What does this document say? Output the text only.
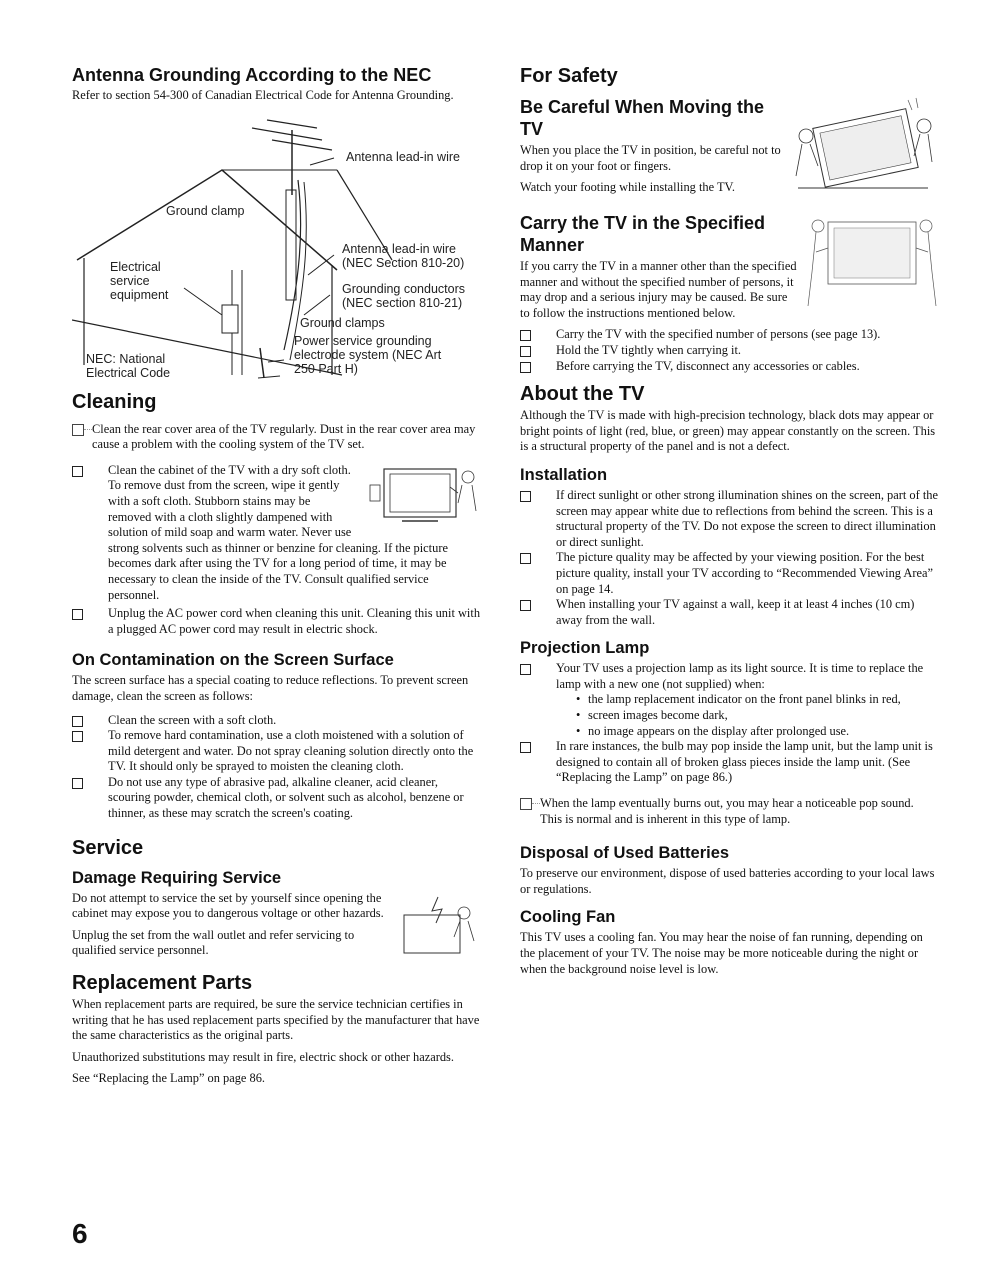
Antenna Grounding According to the NEC

Refer to section 54-300 of Canadian Electrical Code for Antenna Grounding.

Antenna lead-in wire
Ground clamp
Antenna lead-in wire
(NEC Section 810-20)
Electrical
service
equipment	Grounding conductors
(NEC section 810-21)
Ground clamps
Power service grounding
electrode system (NEC Art
250 Part H)
NEC: National
Electrical Code
Cleaning
Clean the rear cover area of the TV regularly. Dust in the rear cover area may cause a problem with the cooling system of the TV set.
Clean the cabinet of the TV with a dry soft cloth. To remove dust from the screen, wipe it gently with a soft cloth. Stubborn stains may be removed with a cloth slightly dampened with solution of mild soap and warm water. Never use strong solvents such as thinner or benzine for cleaning. If the picture becomes dark after using the TV for a long period of time, it may be necessary to clean the inside of the TV. Consult qualified service personnel.
Unplug the AC power cord when cleaning this unit. Cleaning this unit with a plugged AC power cord may result in electric shock.
On Contamination on the Screen Surface

The screen surface has a special coating to reduce reflections. To prevent screen damage, clean the screen as follows:

Clean the screen with a soft cloth.
To remove hard contamination, use a cloth moistened with a solution of mild detergent and water. Do not spray cleaning solution directly onto the TV. It should only be sprayed to moisten the cleaning cloth.
Do not use any type of abrasive pad, alkaline cleaner, acid cleaner, scouring powder, chemical cloth, or solvent such as alcohol, benzene or thinner, as these may scratch the screen's coating.
Service
Damage Requiring Service

Do not attempt to service the set by yourself since opening the cabinet may expose you to dangerous voltage or other hazards.

Unplug the set from the wall outlet and refer servicing to qualified service personnel.

Replacement Parts

When replacement parts are required, be sure the service technician certifies in writing that he has used replacement parts specified by the manufacturer that have the same characteristics as the original parts.

Unauthorized substitutions may result in fire, electric shock or other hazards.

See “Replacing the Lamp” on page 86.

For Safety
Be Careful When Moving the TV

When you place the TV in position, be careful not to drop it on your foot or fingers.

Watch your footing while installing the TV.

Carry the TV in the Specified Manner

If you carry the TV in a manner other than the specified manner and without the specified number of persons, it may drop and a serious injury may be caused. Be sure to follow the instructions mentioned below.

Carry the TV with the specified number of persons (see page 13).
Hold the TV tightly when carrying it.
Before carrying the TV, disconnect any accessories or cables.
About the TV

Although the TV is made with high-precision technology, black dots may appear or bright points of light (red, blue, or green) may appear constantly on the screen. This is a structural property of the panel and is not a defect.

Installation
If direct sunlight or other strong illumination shines on the screen, part of the screen may appear white due to reflections from behind the screen. This is a structural property of the TV. Do not expose the screen to direct illumination or direct sunlight.
The picture quality may be affected by your viewing position. For the best picture quality, install your TV according to “Recommended Viewing Area” on page 14.
When installing your TV against a wall, keep it at least 4 inches (10 cm) away from the wall.
Projection Lamp
Your TV uses a projection lamp as its light source. It is time to replace the lamp with a new one (not supplied) when:
• the lamp replacement indicator on the front panel blinks in red,
• screen images become dark,
• no image appears on the display after prolonged use.
In rare instances, the bulb may pop inside the lamp unit, but the lamp unit is designed to contain all of broken glass pieces inside the lamp unit. (See “Replacing the Lamp” on page 86.)
When the lamp eventually burns out, you may hear a noticeable pop sound. This is normal and is inherent in this type of lamp.
Disposal of Used Batteries

To preserve our environment, dispose of used batteries according to your local laws or regulations.

Cooling Fan

This TV uses a cooling fan. You may hear the noise of fan running, depending on the placement of your TV. The noise may be more noticeable during the night or when the background noise level is low.

6
